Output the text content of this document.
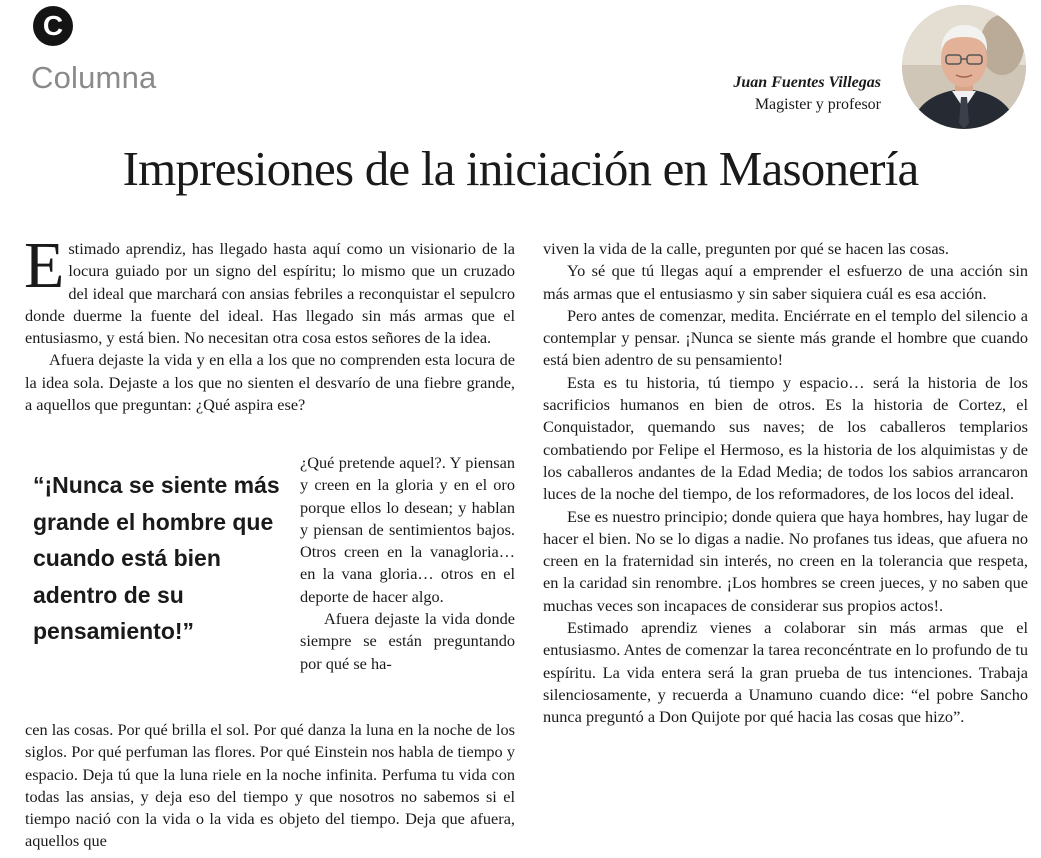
C
Columna	Juan Fuentes Villegas
Magister y profesor
Impresiones de la iniciación en Masonería

Estimado aprendiz, has llegado hasta aquí como un visionario de la locura guiado por un signo del espíritu; lo mismo que un cruzado del ideal que marchará con ansias febriles a reconquistar el sepulcro donde duerme la fuente del ideal. Has llegado sin más armas que el entusiasmo, y está bien. No necesitan otra cosa estos señores de la idea.

Afuera dejaste la vida y en ella a los que no comprenden esta locura de la idea sola. Dejaste a los que no sienten el desvarío de una fiebre grande, a aquellos que preguntan: ¿Qué aspira ese?

“¡Nunca se siente más grande el hombre que cuando está bien adentro de su pensamiento!”

¿Qué pretende aquel?. Y piensan y creen en la gloria y en el oro porque ellos lo desean; y hablan y piensan de sentimientos bajos. Otros creen en la vanagloria… en la vana gloria… otros en el deporte de hacer algo.

Afuera dejaste la vida donde siempre se están preguntando por qué se ha-

cen las cosas. Por qué brilla el sol. Por qué danza la luna en la noche de los siglos. Por qué perfuman las flores. Por qué Einstein nos habla de tiempo y espacio. Deja tú que la luna riele en la noche infinita. Perfuma tu vida con todas las ansias, y deja eso del tiempo y que nosotros no sabemos si el tiempo nació con la vida o la vida es objeto del tiempo. Deja que afuera, aquellos que

viven la vida de la calle, pregunten por qué se hacen las cosas.

Yo sé que tú llegas aquí a emprender el esfuerzo de una acción sin más armas que el entusiasmo y sin saber siquiera cuál es esa acción.

Pero antes de comenzar, medita. Enciérrate en el templo del silencio a contemplar y pensar. ¡Nunca se siente más grande el hombre que cuando está bien adentro de su pensamiento!

Esta es tu historia, tú tiempo y espacio… será la historia de los sacrificios humanos en bien de otros. Es la historia de Cortez, el Conquistador, quemando sus naves; de los caballeros templarios combatiendo por Felipe el Hermoso, es la historia de los alquimistas y de los caballeros andantes de la Edad Media; de todos los sabios arrancaron luces de la noche del tiempo, de los reformadores, de los locos del ideal.

Ese es nuestro principio; donde quiera que haya hombres, hay lugar de hacer el bien. No se lo digas a nadie. No profanes tus ideas, que afuera no creen en la fraternidad sin interés, no creen en la tolerancia que respeta, en la caridad sin renombre. ¡Los hombres se creen jueces, y no saben que muchas veces son incapaces de considerar sus propios actos!.

Estimado aprendiz vienes a colaborar sin más armas que el entusiasmo. Antes de comenzar la tarea reconcéntrate en lo profundo de tu espíritu. La vida entera será la gran prueba de tus intenciones. Trabaja silenciosamente, y recuerda a Unamuno cuando dice: “el pobre Sancho nunca preguntó a Don Quijote por qué hacia las cosas que hizo”.
